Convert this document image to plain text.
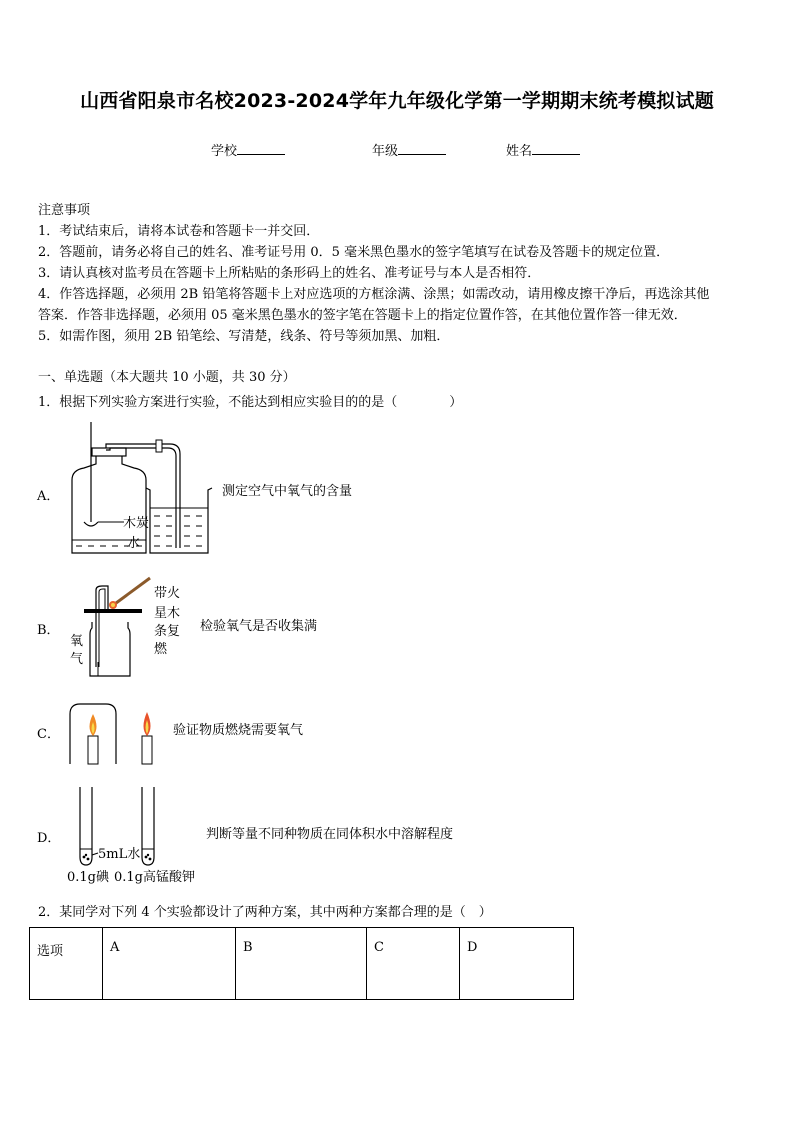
山西省阳泉市名校2023-2024学年九年级化学第一学期期末统考模拟试题
学校	年级	姓名
注意事项
1．考试结束后，请将本试卷和答题卡一并交回．
2．答题前，请务必将自己的姓名、准考证号用 0．5 毫米黑色墨水的签字笔填写在试卷及答题卡的规定位置．
3．请认真核对监考员在答题卡上所粘贴的条形码上的姓名、准考证号与本人是否相符．
4．作答选择题，必须用 2B 铅笔将答题卡上对应选项的方框涂满、涂黑；如需改动，请用橡皮擦干净后，再选涂其他
答案．作答非选择题，必须用 05 毫米黑色墨水的签字笔在答题卡上的指定位置作答，在其他位置作答一律无效．
5．如需作图，须用 2B 铅笔绘、写清楚，线条、符号等须加黑、加粗．
一、单选题（本大题共 10 小题，共 30 分）
1．根据下列实验方案进行实验，不能达到相应实验目的的是（　　　　）
A．
木炭
水
测定空气中氧气的含量
B．
带火
星木
条复
燃
氧
气
检验氧气是否收集满
C．	验证物质燃烧需要氧气
D．
5mL水
0.1g碘 0.1g高锰酸钾
判断等量不同种物质在同体积水中溶解程度
2．某同学对下列 4 个实验都设计了两种方案，其中两种方案都合理的是（　）
选项	A	B	C	D
